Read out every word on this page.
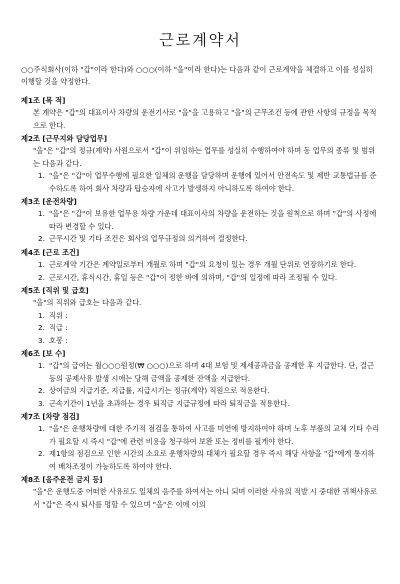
근로계약서
○○주식회사(이하 "갑"이라 한다)와 ○○○(이하 "을"이라 한다)는 다음과 같이 근로계약을 체결하고 이를 성실히 이행할 것을 약정한다.
제1조 [목 적]
본 계약은 "갑"의 대표이사 차량의 운전기사로 "을"을 고용하고 "을"의 근무조건 등에 관한 사항의 규정을 목적으로 한다.
제2조 [근무지와 담당업무]
"을"은 "갑"의 정규(계약) 사원으로서 "갑"이 위임하는 업무를 성실히 수행하여야 하며 동 업무의 종류 및 범위는 다음과 같다.
1. "을"은 "갑"이 업무수행에 필요한 일체의 운행을 담당하며 운행에 있어서 안전속도 및 제반 교통법규를 준수하도록 하여 회사 차량과 탑승자에 사고가 발생하지 아니하도록 하여야 한다.
제3조 [운전차량]
1. "을"은 "갑"이 보유한 업무용 차량 가운데 대표이사의 차량을 운전하는 것을 원칙으로 하며 "갑"의 사정에 따라 변경할 수 있다.
2. 근무시간 및 기타 조건은 회사의 업무규정의 의거하여 결정한다.
제4조 [근로 조건]
1. 근로계약 기간은 계약일로부터 개월로 하며 "갑"의 요청이 있는 경우 개월 단위로 연장하기로 한다.
2. 근로시간, 휴식시간, 휴일 등은 "갑"이 정한 바에 의하며, "갑"의 일정에 따라 조정될 수 있다.
제5조 [직위 및 급호]
"을"의 직위와 급호는 다음과 같다.
1. 직위 :
2. 직급 :
3. 호봉 :
제6조 [보 수]
1. "갑"의 급여는 월○○○원정(₩ ○○○)으로 하며 4대 보험 및 제세공과금을 공제한 후 지급한다. 단, 결근 등의 공제사유 발생 시에는 당해 금액을 공제한 잔액을 지급한다.
2. 상여금의 지급기준, 지급률, 지급시기는 정규(계약) 직원으로 적용한다.
3. 근속기간이 1년을 초과하는 경우 퇴직금 지급규정에 따라 퇴직금을 적용한다.
제7조 [차량 점검]
1. "을"은 운행차량에 대한 주기적 점검을 통하여 사고를 미연에 방지하여야 하며 노후 부품의 교체 기타 수리가 필요할 시 즉시 "갑"에 관련 비용을 청구하여 보완 또는 정비를 필게야 한다.
2. 제1항의 점검으로 인한 시간의 소요로 운행차량의 대체가 필요할 경우 즉시 해당 사항을 "갑"에게 통지하여 배차조정이 가능하도록 하여야 한다.
제8조 [음주운전 금지 등]
"을"은 운행도중 어떠한 사유로도 일체의 음주를 하여서는 아니 되며 이러한 사유의 적발 시 중대한 귀책사유로서 "갑"은 즉시 퇴사를 명할 수 있으며 "을"은 이에 이의
